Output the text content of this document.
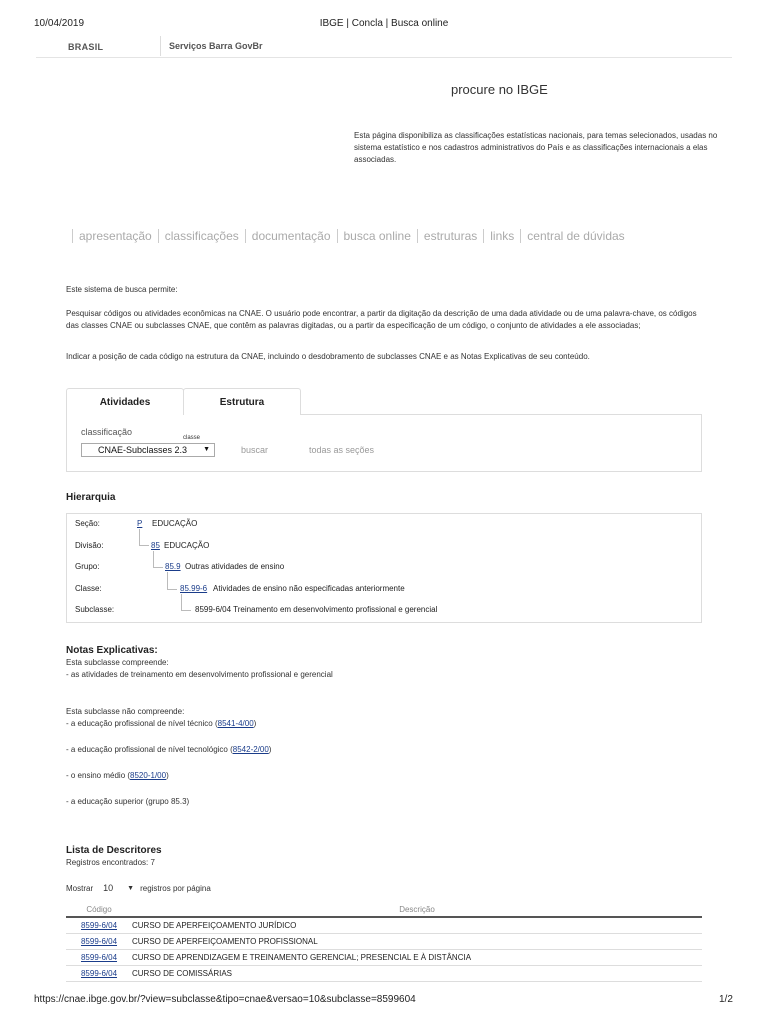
10/04/2019	IBGE | Concla | Busca online
BRASIL	Serviços Barra GovBr
procure no IBGE
Esta página disponibiliza as classificações estatísticas nacionais, para temas selecionados, usadas no sistema estatístico e nos cadastros administrativos do País e as classificações internacionais a elas associadas.
apresentação	classificações	documentação	busca online	estruturas	links	central de dúvidas
Este sistema de busca permite:
Pesquisar códigos ou atividades econômicas na CNAE. O usuário pode encontrar, a partir da digitação da descrição de uma dada atividade ou de uma palavra-chave, os códigos das classes CNAE ou subclasses CNAE, que contêm as palavras digitadas, ou a partir da especificação de um código, o conjunto de atividades a ele associadas;
Indicar a posição de cada código na estrutura da CNAE, incluindo o desdobramento de subclasses CNAE e as Notas Explicativas de seu conteúdo.
classificação
classe
CNAE-Subclasses 2.3 ▼	buscar	todas as seções
Atividades	Estrutura
Hierarquia
Seção:	P EDUCAÇÃO
Divisão:	85 EDUCAÇÃO
Grupo:	85.9 Outras atividades de ensino
Classe:	85.99-6 Atividades de ensino não especificadas anteriormente
Subclasse:	8599-6/04 Treinamento em desenvolvimento profissional e gerencial
Notas Explicativas:
Esta subclasse compreende:
- as atividades de treinamento em desenvolvimento profissional e gerencial
Esta subclasse não compreende:
- a educação profissional de nível técnico (8541-4/00)
- a educação profissional de nível tecnológico (8542-2/00)
- o ensino médio (8520-1/00)
- a educação superior (grupo 85.3)
Lista de Descritores
Registros encontrados: 7
Mostrar 10 ▼ registros por página
Código	Descrição
8599-6/04	CURSO DE APERFEIÇOAMENTO JURÍDICO
8599-6/04	CURSO DE APERFEIÇOAMENTO PROFISSIONAL
8599-6/04	CURSO DE APRENDIZAGEM E TREINAMENTO GERENCIAL; PRESENCIAL E À DISTÂNCIA
8599-6/04	CURSO DE COMISSÁRIAS
https://cnae.ibge.gov.br/?view=subclasse&tipo=cnae&versao=10&subclasse=8599604	1/2
